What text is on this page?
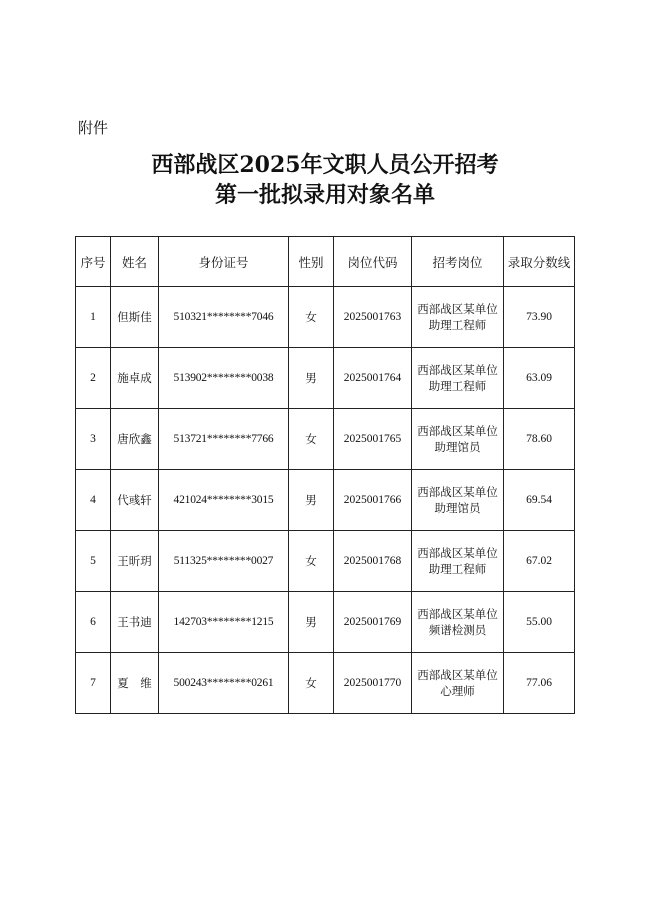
附件
西部战区2025年文职人员公开招考
第一批拟录用对象名单
序号	姓名	身份证号	性别	岗位代码	招考岗位	录取分数线
1	但斯佳	510321********7046	女	2025001763	西部战区某单位
助理工程师	73.90
2	施卓成	513902********0038	男	2025001764	西部战区某单位
助理工程师	63.09
3	唐欣鑫	513721********7766	女	2025001765	西部战区某单位
助理馆员	78.60
4	代彧轩	421024********3015	男	2025001766	西部战区某单位
助理馆员	69.54
5	王昕玥	511325********0027	女	2025001768	西部战区某单位
助理工程师	67.02
6	王书迪	142703********1215	男	2025001769	西部战区某单位
频谱检测员	55.00
7	夏　维	500243********0261	女	2025001770	西部战区某单位
心理师	77.06
